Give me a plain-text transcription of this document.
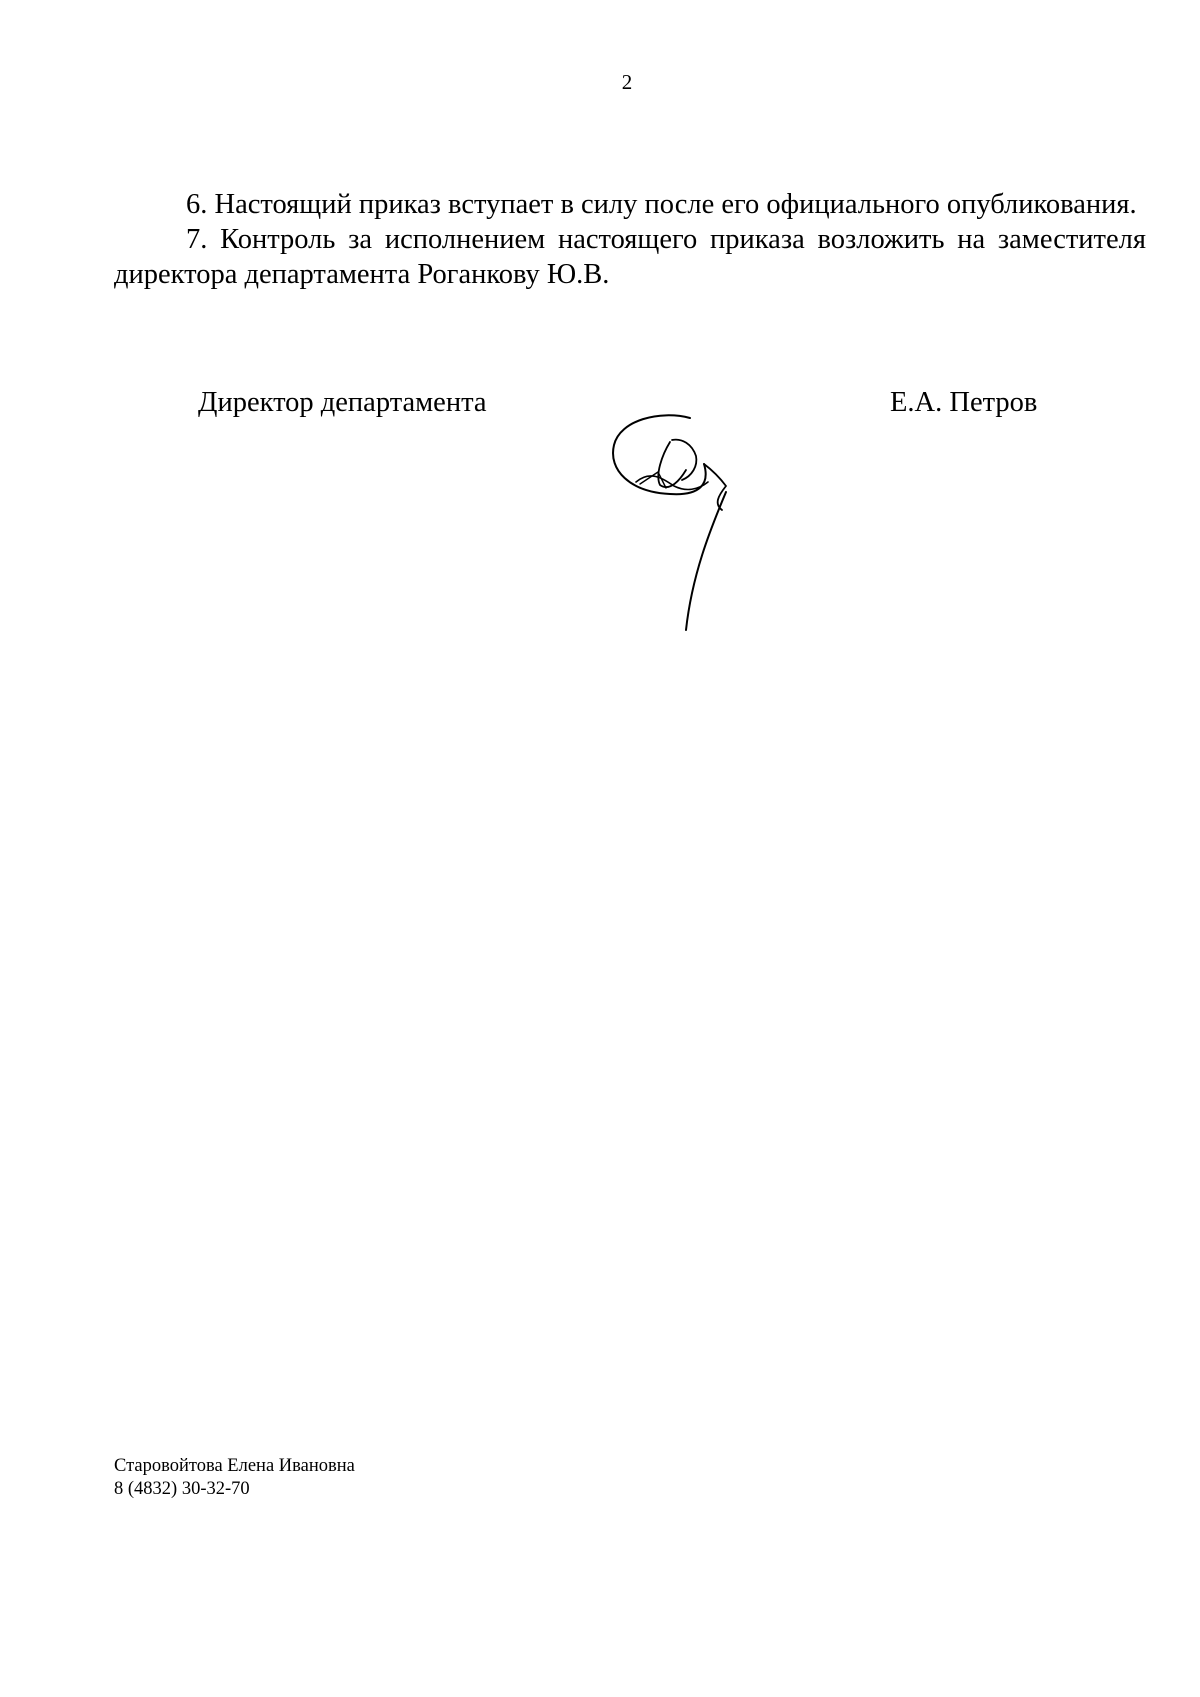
2

6. Настоящий приказ вступает в силу после его официального опубликования.

7. Контроль за исполнением настоящего приказа возложить на заместителя директора департамента Роганкову Ю.В.

Директор департамента	Е.А. Петров
Старовойтова Елена Ивановна
8 (4832) 30-32-70
